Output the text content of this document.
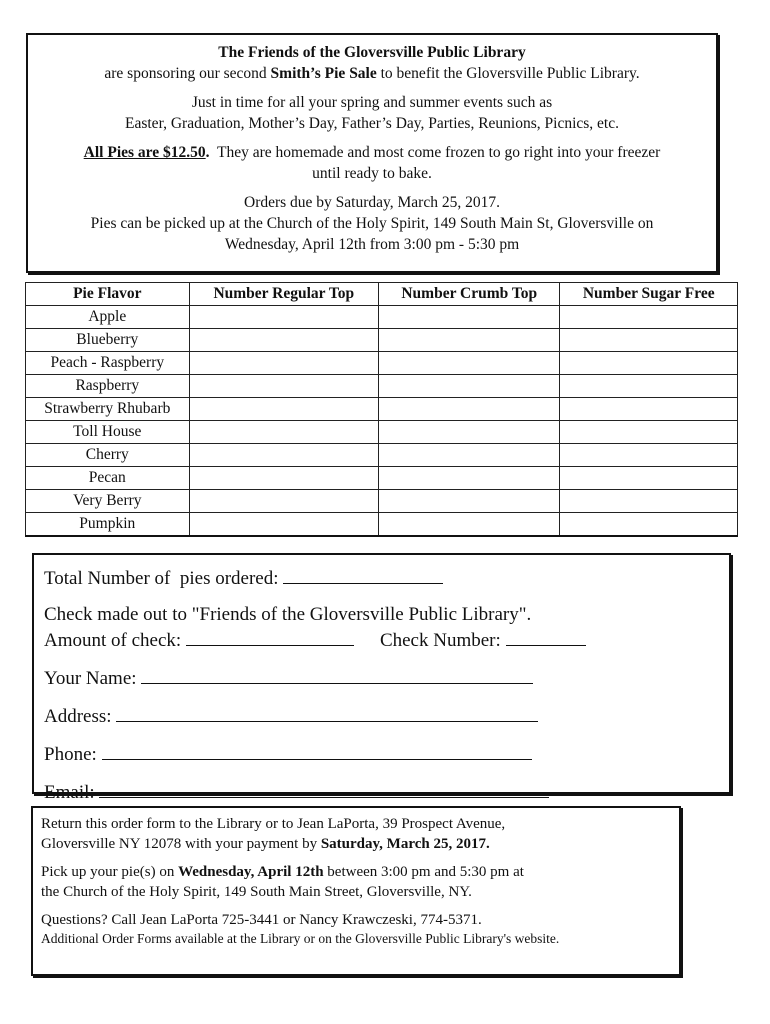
The Friends of the Gloversville Public Library
are sponsoring our second Smith’s Pie Sale to benefit the Gloversville Public Library.

Just in time for all your spring and summer events such as
Easter, Graduation, Mother’s Day, Father’s Day, Parties, Reunions, Picnics, etc.

All Pies are $12.50.  They are homemade and most come frozen to go right into your freezer
until ready to bake.

Orders due by Saturday, March 25, 2017.
Pies can be picked up at the Church of the Holy Spirit, 149 South Main St, Gloversville on
Wednesday, April 12th from 3:00 pm - 5:30 pm

Pie Flavor	Number Regular Top	Number Crumb Top	Number Sugar Free
Apple			
Blueberry			
Peach - Raspberry			
Raspberry			
Strawberry Rhubarb			
Toll House			
Cherry			
Pecan			
Very Berry			
Pumpkin			

Total Number of  pies ordered:

Check made out to "Friends of the Gloversville Public Library".

Amount of check:	Check Number:

Your Name:

Address:

Phone:

Email:

Return this order form to the Library or to Jean LaPorta, 39 Prospect Avenue,
Gloversville NY 12078 with your payment by Saturday, March 25, 2017.

Pick up your pie(s) on Wednesday, April 12th between 3:00 pm and 5:30 pm at
the Church of the Holy Spirit, 149 South Main Street, Gloversville, NY.

Questions? Call Jean LaPorta 725-3441 or Nancy Krawczeski, 774-5371.

Additional Order Forms available at the Library or on the Gloversville Public Library's website.
